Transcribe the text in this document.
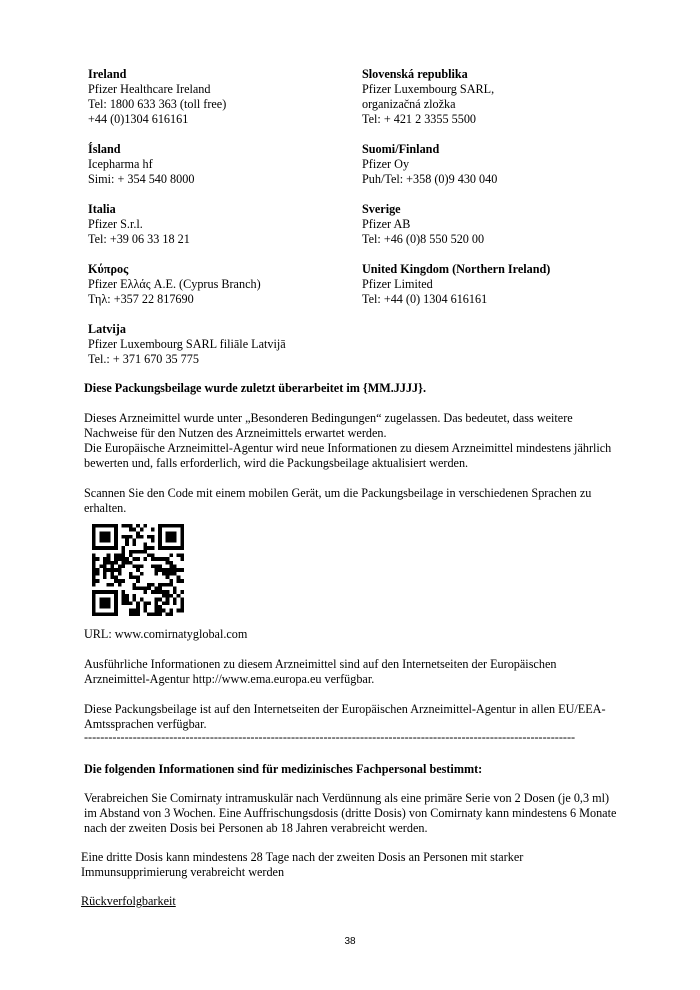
Ireland
Pfizer Healthcare Ireland
Tel: 1800 633 363 (toll free)
+44 (0)1304 616161
Ísland
Icepharma hf
Simi: + 354 540 8000
Italia
Pfizer S.r.l.
Tel: +39 06 33 18 21
Κύπρος
Pfizer Ελλάς A.E. (Cyprus Branch)
Τηλ: +357 22 817690
Latvija
Pfizer Luxembourg SARL filiāle Latvijā
Tel.: + 371 670 35 775
Slovenská republika
Pfizer Luxembourg SARL,
organizačná zložka
Tel: + 421 2 3355 5500
Suomi/Finland
Pfizer Oy
Puh/Tel: +358 (0)9 430 040
Sverige
Pfizer AB
Tel: +46 (0)8 550 520 00
United Kingdom (Northern Ireland)
Pfizer Limited
Tel: +44 (0) 1304 616161

Diese Packungsbeilage wurde zuletzt überarbeitet im {MM.JJJJ}.

Dieses Arzneimittel wurde unter „Besonderen Bedingungen“ zugelassen. Das bedeutet, dass weitere Nachweise für den Nutzen des Arzneimittels erwartet werden.

Die Europäische Arzneimittel-Agentur wird neue Informationen zu diesem Arzneimittel mindestens jährlich bewerten und, falls erforderlich, wird die Packungsbeilage aktualisiert werden.

Scannen Sie den Code mit einem mobilen Gerät, um die Packungsbeilage in verschiedenen Sprachen zu erhalten.

URL: www.comirnatyglobal.com

Ausführliche Informationen zu diesem Arzneimittel sind auf den Internetseiten der Europäischen Arzneimittel-Agentur http://www.ema.europa.eu verfügbar.

Diese Packungsbeilage ist auf den Internetseiten der Europäischen Arzneimittel-Agentur in allen EU/EEA-Amtssprachen verfügbar.

-------------------------------------------------------------------------------------------------------------------------

Die folgenden Informationen sind für medizinisches Fachpersonal bestimmt:

Verabreichen Sie Comirnaty intramuskulär nach Verdünnung als eine primäre Serie von 2 Dosen (je 0,3 ml) im Abstand von 3 Wochen. Eine Auffrischungsdosis (dritte Dosis) von Comirnaty kann mindestens 6 Monate nach der zweiten Dosis bei Personen ab 18 Jahren verabreicht werden.

Eine dritte Dosis kann mindestens 28 Tage nach der zweiten Dosis an Personen mit starker Immunsupprimierung verabreicht werden

Rückverfolgbarkeit

38
